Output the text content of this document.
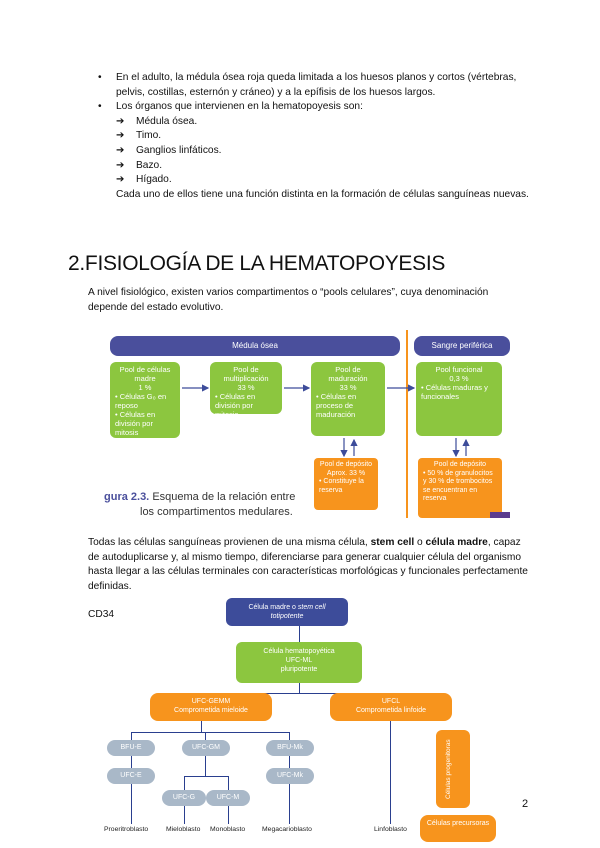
• En el adulto, la médula ósea roja queda limitada a los huesos planos y cortos (vértebras, pelvis, costillas, esternón y cráneo) y a la epífisis de los huesos largos.
• Los órganos que intervienen en la hematopoyesis son:
➔ Médula ósea.
➔ Timo.
➔ Ganglios linfáticos.
➔ Bazo.
➔ Hígado.
Cada uno de ellos tiene una función distinta en la formación de células sanguíneas nuevas.
2.FISIOLOGÍA DE LA HEMATOPOYESIS
A nivel fisiológico, existen varios compartimentos o “pools celulares”, cuya denominación depende del estado evolutivo.
Médula ósea	Sangre periférica
Pool de células madre
1 %
• Células G₀ en reposo
• Células en división por mitosis
Pool de multiplicación
33 %
• Células en división por mitosis
Pool de maduración
33 %
• Células en proceso de maduración
Pool funcional
0,3 %
• Células maduras y funcionales
Pool de depósito
Aprox. 33 %
• Constituye la reserva
Pool de depósito
• 50 % de granulocitos y 30 % de trombocitos se encuentran en reserva
gura 2.3. Esquema de la relación entre
los compartimentos medulares.
Todas las células sanguíneas provienen de una misma célula, stem cell o célula madre, capaz de autoduplicarse y, al mismo tiempo, diferenciarse para generar cualquier célula del organismo hasta llegar a las células terminales con características morfológicas y funcionales perfectamente definidas.
CD34
Célula madre o stem cell
totipotente
Célula hematopoyética
UFC-ML
pluripotente
UFC-GEMM
Comprometida mieloide
UFCL
Comprometida linfoide
BFU-E	UFC-GM	BFU-Mk
UFC-E	UFC-Mk
UFC-G	UFC-M	Células progenitoras
Células precursoras
Proeritroblasto	Mieloblasto Monoblasto Megacarioblasto	Linfoblasto
2
